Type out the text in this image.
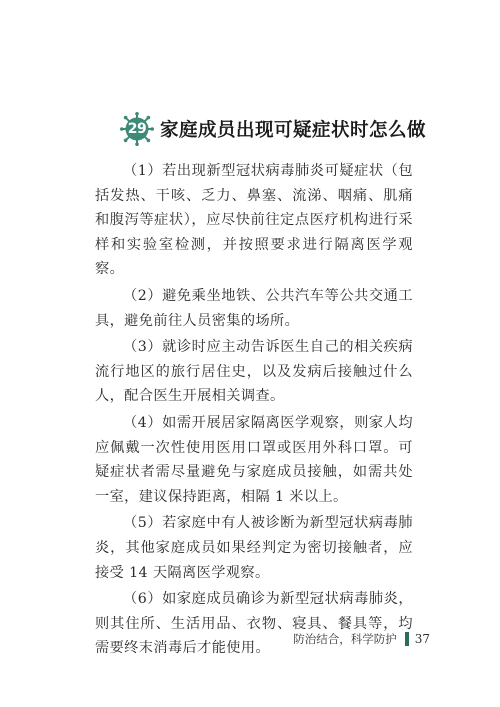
29 家庭成员出现可疑症状时怎么做

（1）若出现新型冠状病毒肺炎可疑症状（包括发热、干咳、乏力、鼻塞、流涕、咽痛、肌痛和腹泻等症状），应尽快前往定点医疗机构进行采样和实验室检测，并按照要求进行隔离医学观察。

（2）避免乘坐地铁、公共汽车等公共交通工具，避免前往人员密集的场所。

（3）就诊时应主动告诉医生自己的相关疾病流行地区的旅行居住史，以及发病后接触过什么人，配合医生开展相关调查。

（4）如需开展居家隔离医学观察，则家人均应佩戴一次性使用医用口罩或医用外科口罩。可疑症状者需尽量避免与家庭成员接触，如需共处一室，建议保持距离，相隔 1 米以上。

（5）若家庭中有人被诊断为新型冠状病毒肺炎，其他家庭成员如果经判定为密切接触者，应接受 14 天隔离医学观察。

（6）如家庭成员确诊为新型冠状病毒肺炎，则其住所、生活用品、衣物、寝具、餐具等，均需要终末消毒后才能使用。

防治结合，科学防护 37
